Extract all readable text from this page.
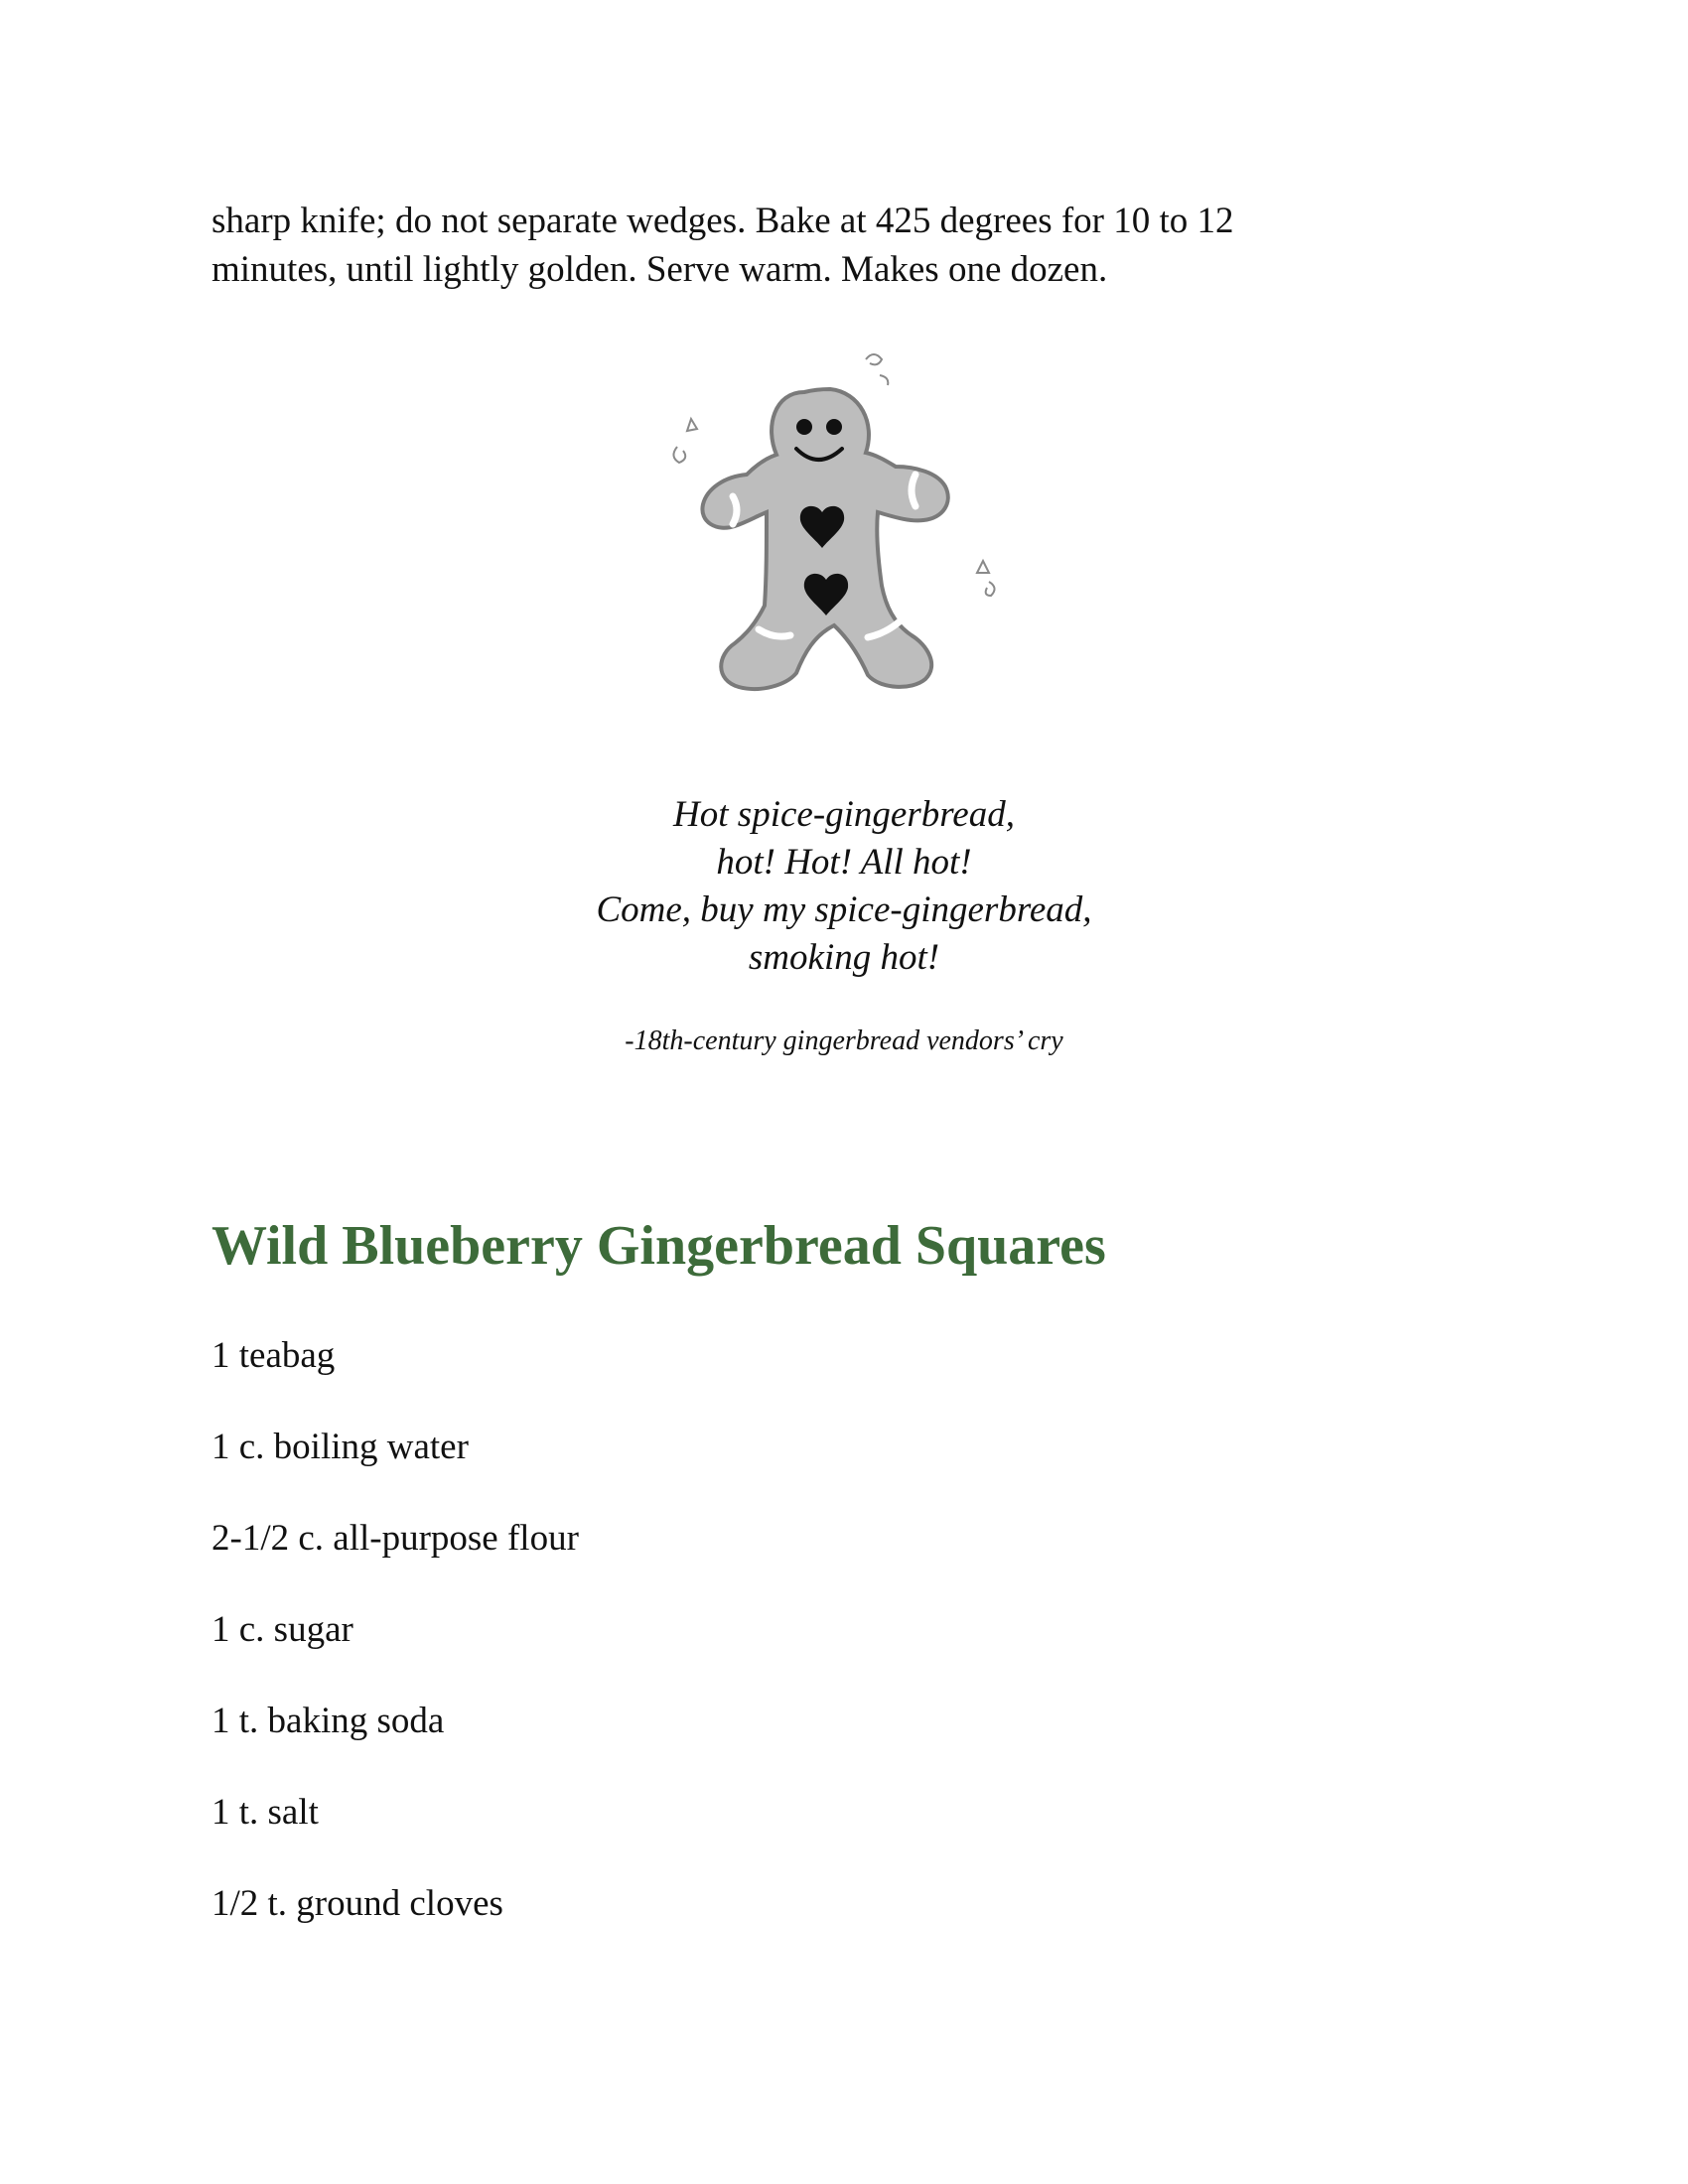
sharp knife; do not separate wedges. Bake at 425 degrees for 10 to 12

minutes, until lightly golden. Serve warm. Makes one dozen.

Hot spice-gingerbread,

hot! Hot! All hot!

Come, buy my spice-gingerbread,

smoking hot!

-18th-century gingerbread vendors’ cry
Wild Blueberry Gingerbread Squares
1 teabag
1 c. boiling water
2-1/2 c. all-purpose flour
1 c. sugar
1 t. baking soda
1 t. salt
1/2 t. ground cloves
